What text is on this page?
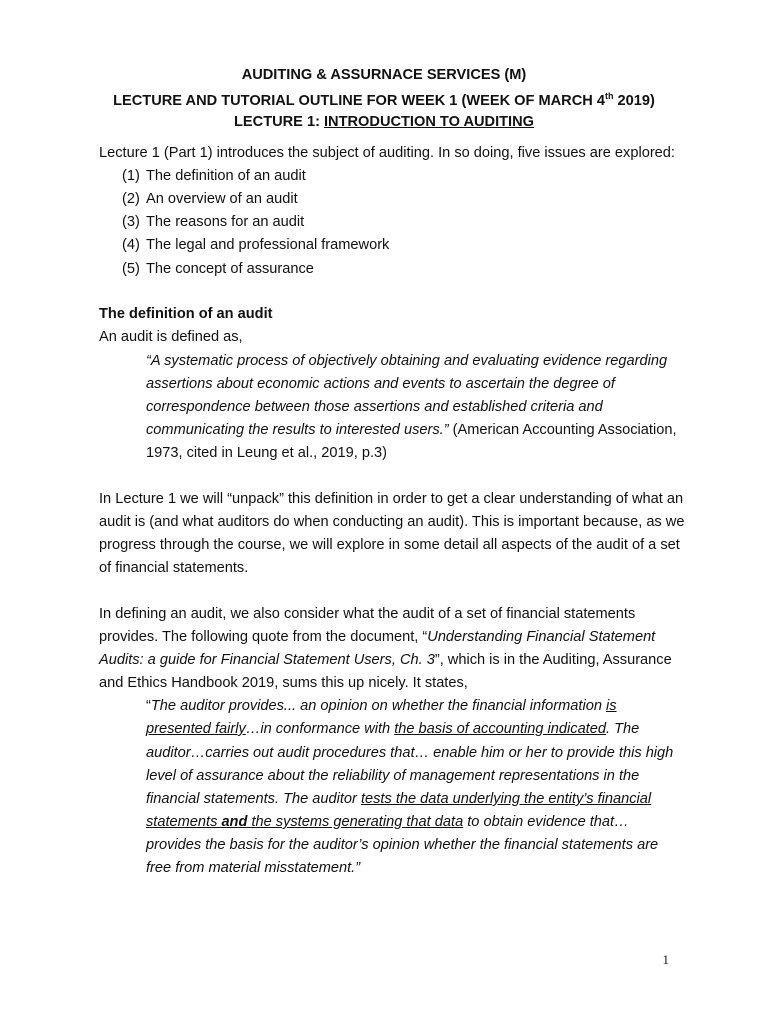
AUDITING & ASSURNACE SERVICES (M)
LECTURE AND TUTORIAL OUTLINE FOR WEEK 1 (WEEK OF MARCH 4th 2019)
LECTURE 1: INTRODUCTION TO AUDITING
Lecture 1 (Part 1) introduces the subject of auditing. In so doing, five issues are explored:
(1) The definition of an audit
(2) An overview of an audit
(3) The reasons for an audit
(4) The legal and professional framework
(5) The concept of assurance
The definition of an audit
An audit is defined as,
“A systematic process of objectively obtaining and evaluating evidence regarding
assertions about economic actions and events to ascertain the degree of
correspondence between those assertions and established criteria and
communicating the results to interested users.” (American Accounting Association,
1973, cited in Leung et al., 2019, p.3)
In Lecture 1 we will “unpack” this definition in order to get a clear understanding of what an
audit is (and what auditors do when conducting an audit). This is important because, as we
progress through the course, we will explore in some detail all aspects of the audit of a set
of financial statements.
In defining an audit, we also consider what the audit of a set of financial statements
provides. The following quote from the document, “Understanding Financial Statement
Audits: a guide for Financial Statement Users, Ch. 3”, which is in the Auditing, Assurance
and Ethics Handbook 2019, sums this up nicely. It states,
“The auditor provides... an opinion on whether the financial information is
presented fairly…in conformance with the basis of accounting indicated. The
auditor…carries out audit procedures that… enable him or her to provide this high
level of assurance about the reliability of management representations in the
financial statements. The auditor tests the data underlying the entity’s financial
statements and the systems generating that data to obtain evidence that…
provides the basis for the auditor’s opinion whether the financial statements are
free from material misstatement.”
1
